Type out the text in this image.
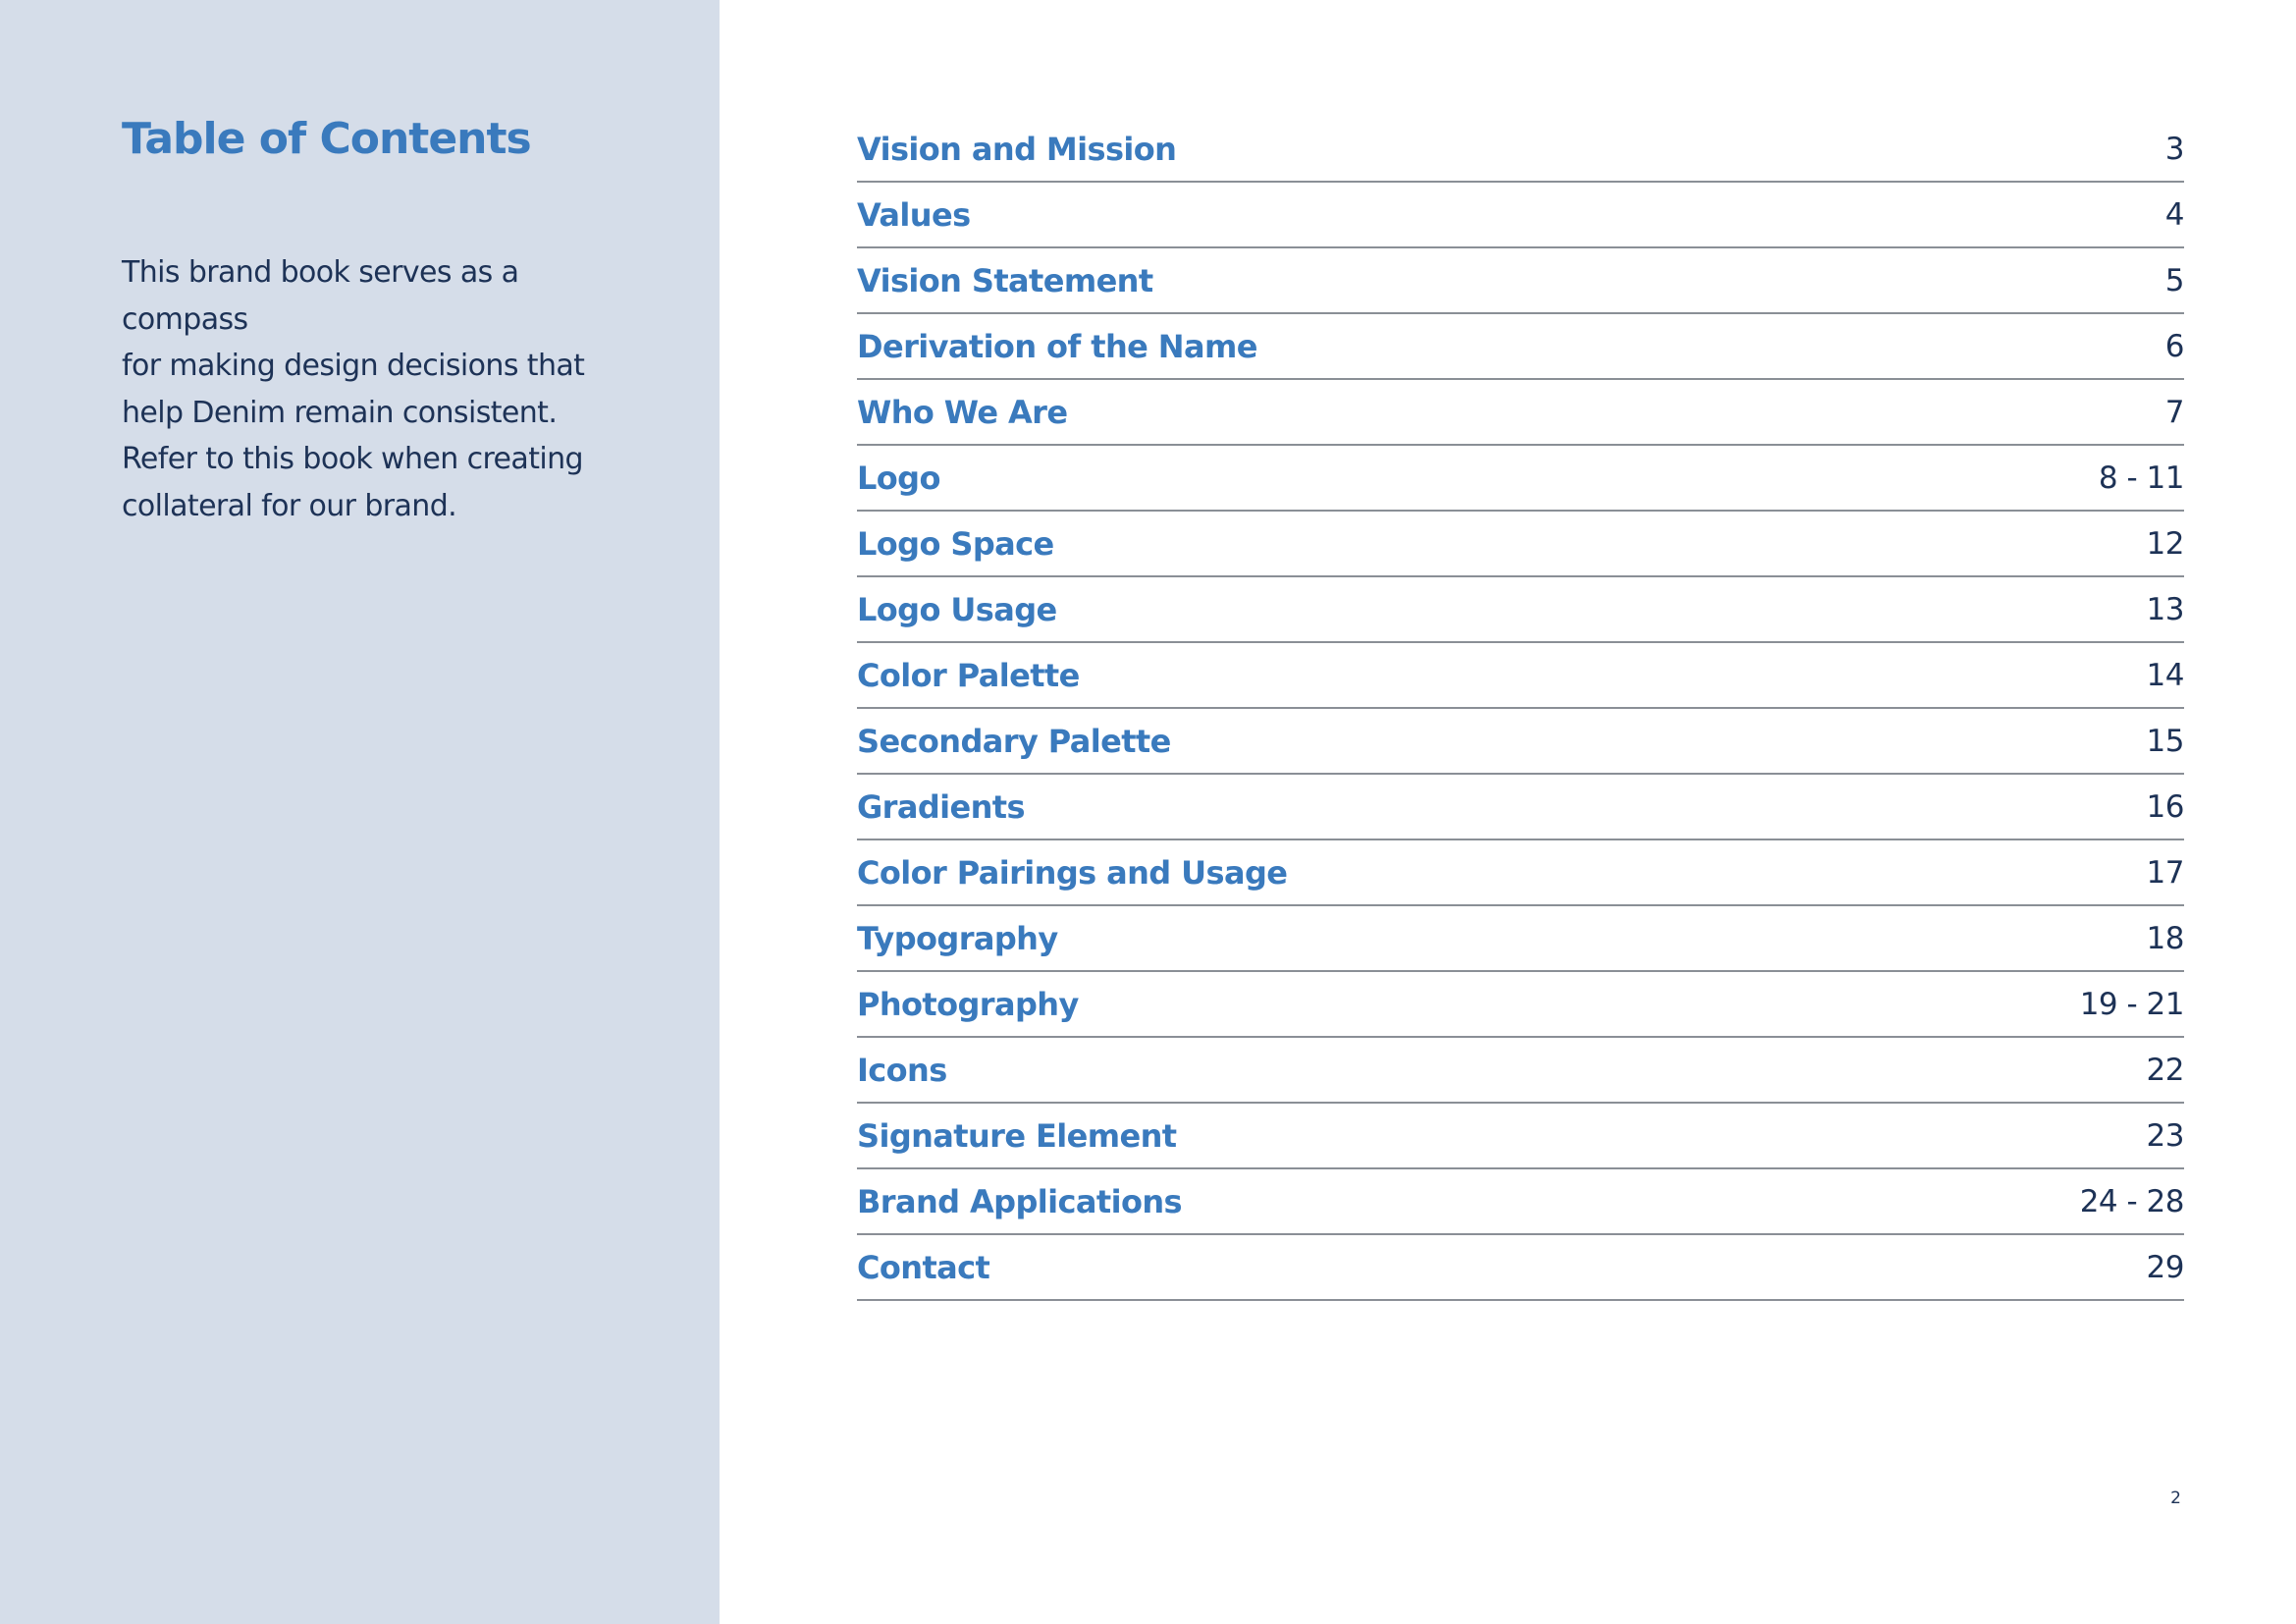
Table of Contents

This brand book serves as a compass
for making design decisions that
help Denim remain consistent.
Refer to this book when creating
collateral for our brand.

Vision and Mission	3
Values	4
Vision Statement	5
Derivation of the Name	6
Who We Are	7
Logo	8 - 11
Logo Space	12
Logo Usage	13
Color Palette	14
Secondary Palette	15
Gradients	16
Color Pairings and Usage	17
Typography	18
Photography	19 - 21
Icons	22
Signature Element	23
Brand Applications	24 - 28
Contact	29
2
